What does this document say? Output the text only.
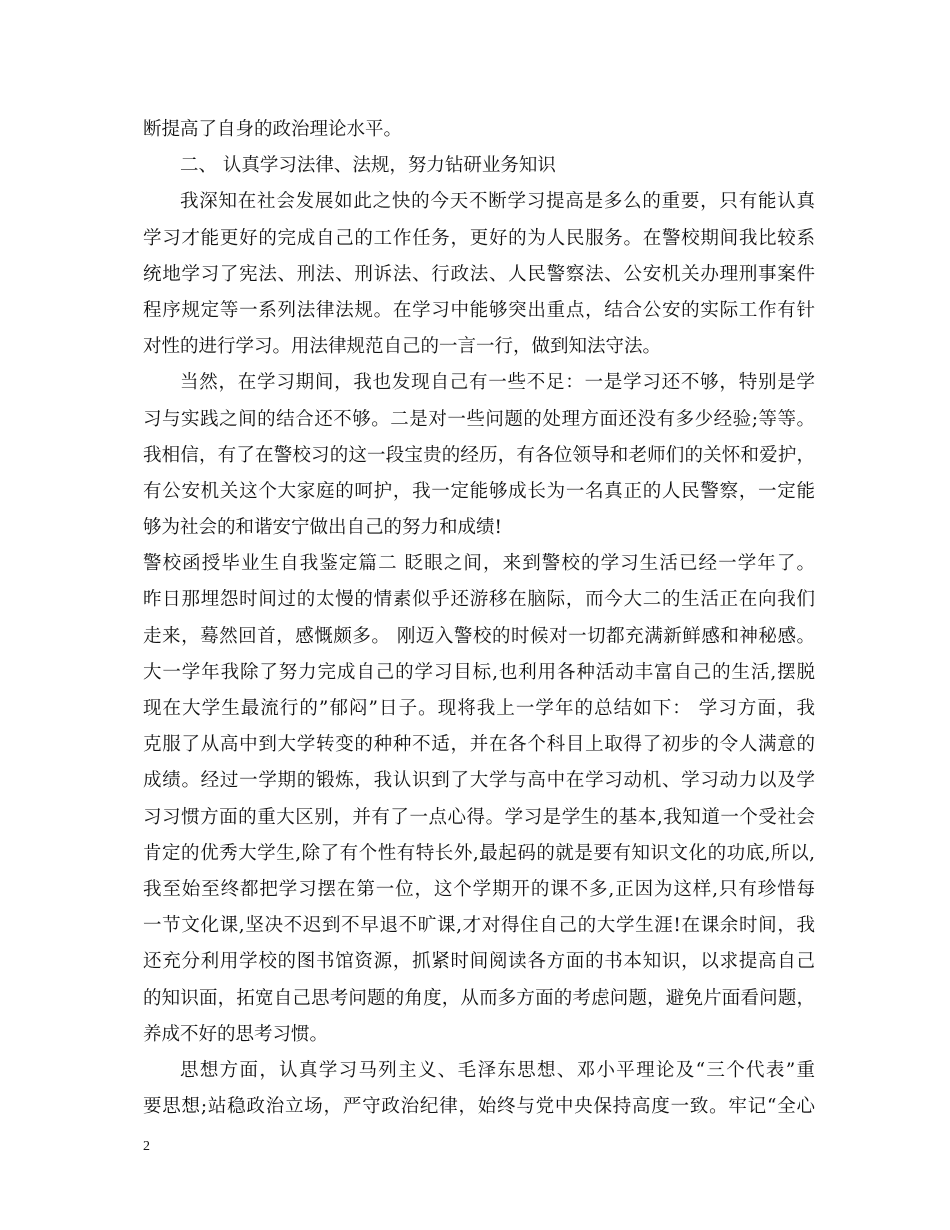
断提高了自身的政治理论水平。
二、 认真学习法律、法规，努力钻研业务知识
我深知在社会发展如此之快的今天不断学习提高是多么的重要，只有能认真
学习才能更好的完成自己的工作任务，更好的为人民服务。在警校期间我比较系
统地学习了宪法、刑法、刑诉法、行政法、人民警察法、公安机关办理刑事案件
程序规定等一系列法律法规。在学习中能够突出重点，结合公安的实际工作有针
对性的进行学习。用法律规范自己的一言一行，做到知法守法。
当然，在学习期间，我也发现自己有一些不足：一是学习还不够，特别是学
习与实践之间的结合还不够。二是对一些问题的处理方面还没有多少经验;等等。
我相信，有了在警校习的这一段宝贵的经历，有各位领导和老师们的关怀和爱护，
有公安机关这个大家庭的呵护，我一定能够成长为一名真正的人民警察，一定能
够为社会的和谐安宁做出自己的努力和成绩!
警校函授毕业生自我鉴定篇二 眨眼之间，来到警校的学习生活已经一学年了。
昨日那埋怨时间过的太慢的情素似乎还游移在脑际，而今大二的生活正在向我们
走来，蓦然回首，感慨颇多。 刚迈入警校的时候对一切都充满新鲜感和神秘感。
大一学年我除了努力完成自己的学习目标,也利用各种活动丰富自己的生活,摆脱
现在大学生最流行的”郁闷”日子。现将我上一学年的总结如下： 学习方面，我
克服了从高中到大学转变的种种不适，并在各个科目上取得了初步的令人满意的
成绩。经过一学期的锻炼，我认识到了大学与高中在学习动机、学习动力以及学
习习惯方面的重大区别，并有了一点心得。学习是学生的基本,我知道一个受社会
肯定的优秀大学生,除了有个性有特长外,最起码的就是要有知识文化的功底,所以,
我至始至终都把学习摆在第一位，这个学期开的课不多,正因为这样,只有珍惜每
一节文化课,坚决不迟到不早退不旷课,才对得住自己的大学生涯!在课余时间，我
还充分利用学校的图书馆资源，抓紧时间阅读各方面的书本知识，以求提高自己
的知识面，拓宽自己思考问题的角度，从而多方面的考虑问题，避免片面看问题，
养成不好的思考习惯。
思想方面，认真学习马列主义、毛泽东思想、邓小平理论及“三个代表”重
要思想;站稳政治立场，严守政治纪律，始终与党中央保持高度一致。牢记“全心
2
